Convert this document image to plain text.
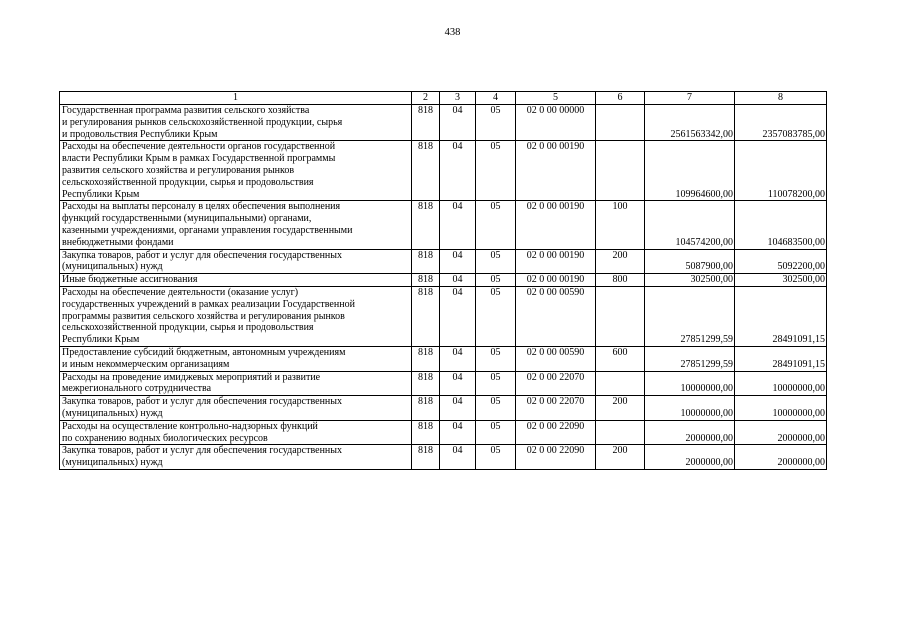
438
1	2	3	4	5	6	7	8

Государственная программа развития сельского хозяйства
и регулирования рынков сельскохозяйственной продукции, сырья
и продовольствия Республики Крым	818	04	05	02 0 00 00000		2561563342,00	2357083785,00

Расходы на обеспечение деятельности органов государственной
власти Республики Крым в рамках Государственной программы
развития сельского хозяйства и регулирования рынков
сельскохозяйственной продукции, сырья и продовольствия
Республики Крым	818	04	05	02 0 00 00190		109964600,00	110078200,00

Расходы на выплаты персоналу в целях обеспечения выполнения
функций государственными (муниципальными) органами,
казенными учреждениями, органами управления государственными
внебюджетными фондами	818	04	05	02 0 00 00190	100	104574200,00	104683500,00

Закупка товаров, работ и услуг для обеспечения государственных
(муниципальных) нужд	818	04	05	02 0 00 00190	200	5087900,00	5092200,00

Иные бюджетные ассигнования	818	04	05	02 0 00 00190	800	302500,00	302500,00

Расходы на обеспечение деятельности (оказание услуг)
государственных учреждений в рамках реализации Государственной
программы развития сельского хозяйства и регулирования рынков
сельскохозяйственной продукции, сырья и продовольствия
Республики Крым	818	04	05	02 0 00 00590		27851299,59	28491091,15

Предоставление субсидий бюджетным, автономным учреждениям
и иным некоммерческим организациям	818	04	05	02 0 00 00590	600	27851299,59	28491091,15

Расходы на проведение имиджевых мероприятий и развитие
межрегионального сотрудничества	818	04	05	02 0 00 22070		10000000,00	10000000,00

Закупка товаров, работ и услуг для обеспечения государственных
(муниципальных) нужд	818	04	05	02 0 00 22070	200	10000000,00	10000000,00

Расходы на осуществление контрольно-надзорных функций
по сохранению водных биологических ресурсов	818	04	05	02 0 00 22090		2000000,00	2000000,00

Закупка товаров, работ и услуг для обеспечения государственных
(муниципальных) нужд	818	04	05	02 0 00 22090	200	2000000,00	2000000,00
